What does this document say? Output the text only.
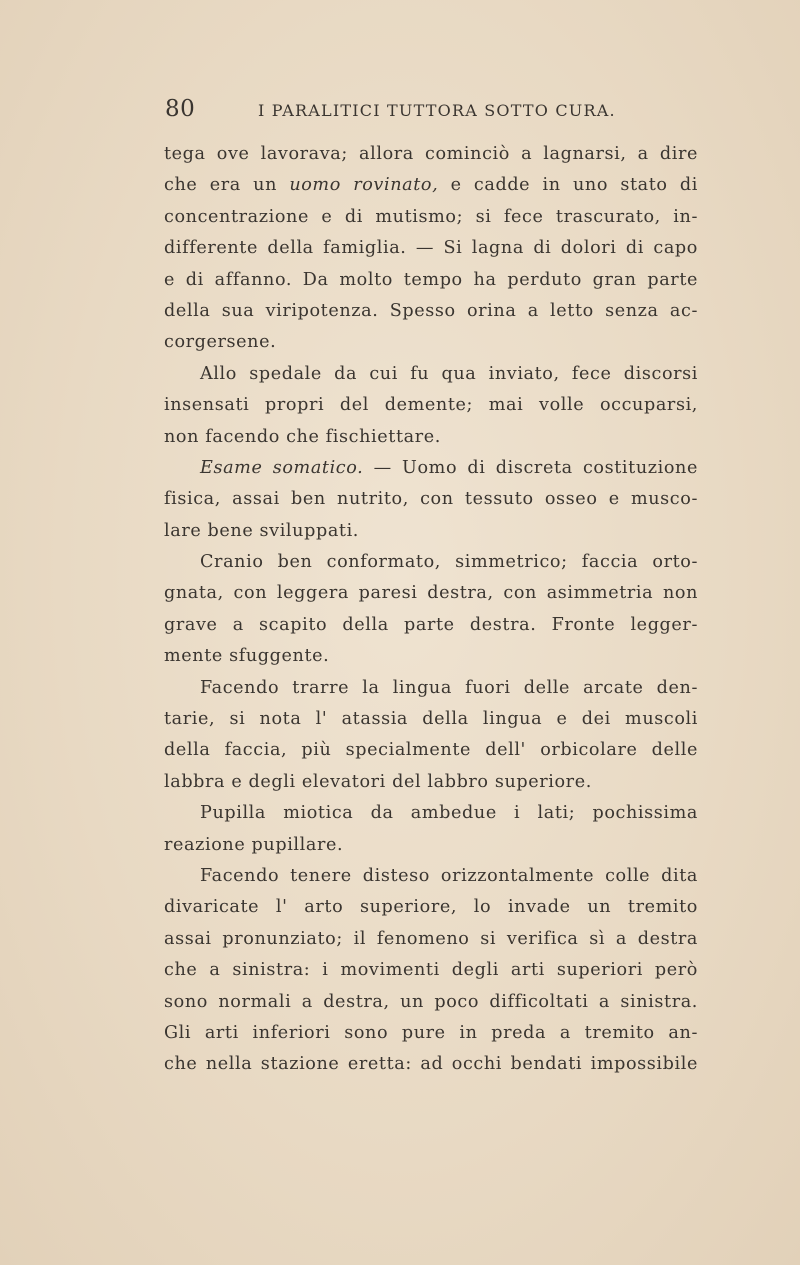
80	I PARALITICI TUTTORA SOTTO CURA.
tega ove lavorava; allora cominciò a lagnarsi, a dire
che era un uomo rovinato, e cadde in uno stato di
concentrazione e di mutismo; si fece trascurato, in-
differente della famiglia. — Si lagna di dolori di capo
e di affanno. Da molto tempo ha perduto gran parte
della sua viripotenza. Spesso orina a letto senza ac-
corgersene.
Allo spedale da cui fu qua inviato, fece discorsi
insensati propri del demente; mai volle occuparsi,
non facendo che fischiettare.
Esame somatico. — Uomo di discreta costituzione
fisica, assai ben nutrito, con tessuto osseo e musco-
lare bene sviluppati.
Cranio ben conformato, simmetrico; faccia orto-
gnata, con leggera paresi destra, con asimmetria non
grave a scapito della parte destra. Fronte legger-
mente sfuggente.
Facendo trarre la lingua fuori delle arcate den-
tarie, si nota l' atassia della lingua e dei muscoli
della faccia, più specialmente dell' orbicolare delle
labbra e degli elevatori del labbro superiore.
Pupilla miotica da ambedue i lati; pochissima
reazione pupillare.
Facendo tenere disteso orizzontalmente colle dita
divaricate l' arto superiore, lo invade un tremito
assai pronunziato; il fenomeno si verifica sì a destra
che a sinistra: i movimenti degli arti superiori però
sono normali a destra, un poco difficoltati a sinistra.
Gli arti inferiori sono pure in preda a tremito an-
che nella stazione eretta: ad occhi bendati impossibile
